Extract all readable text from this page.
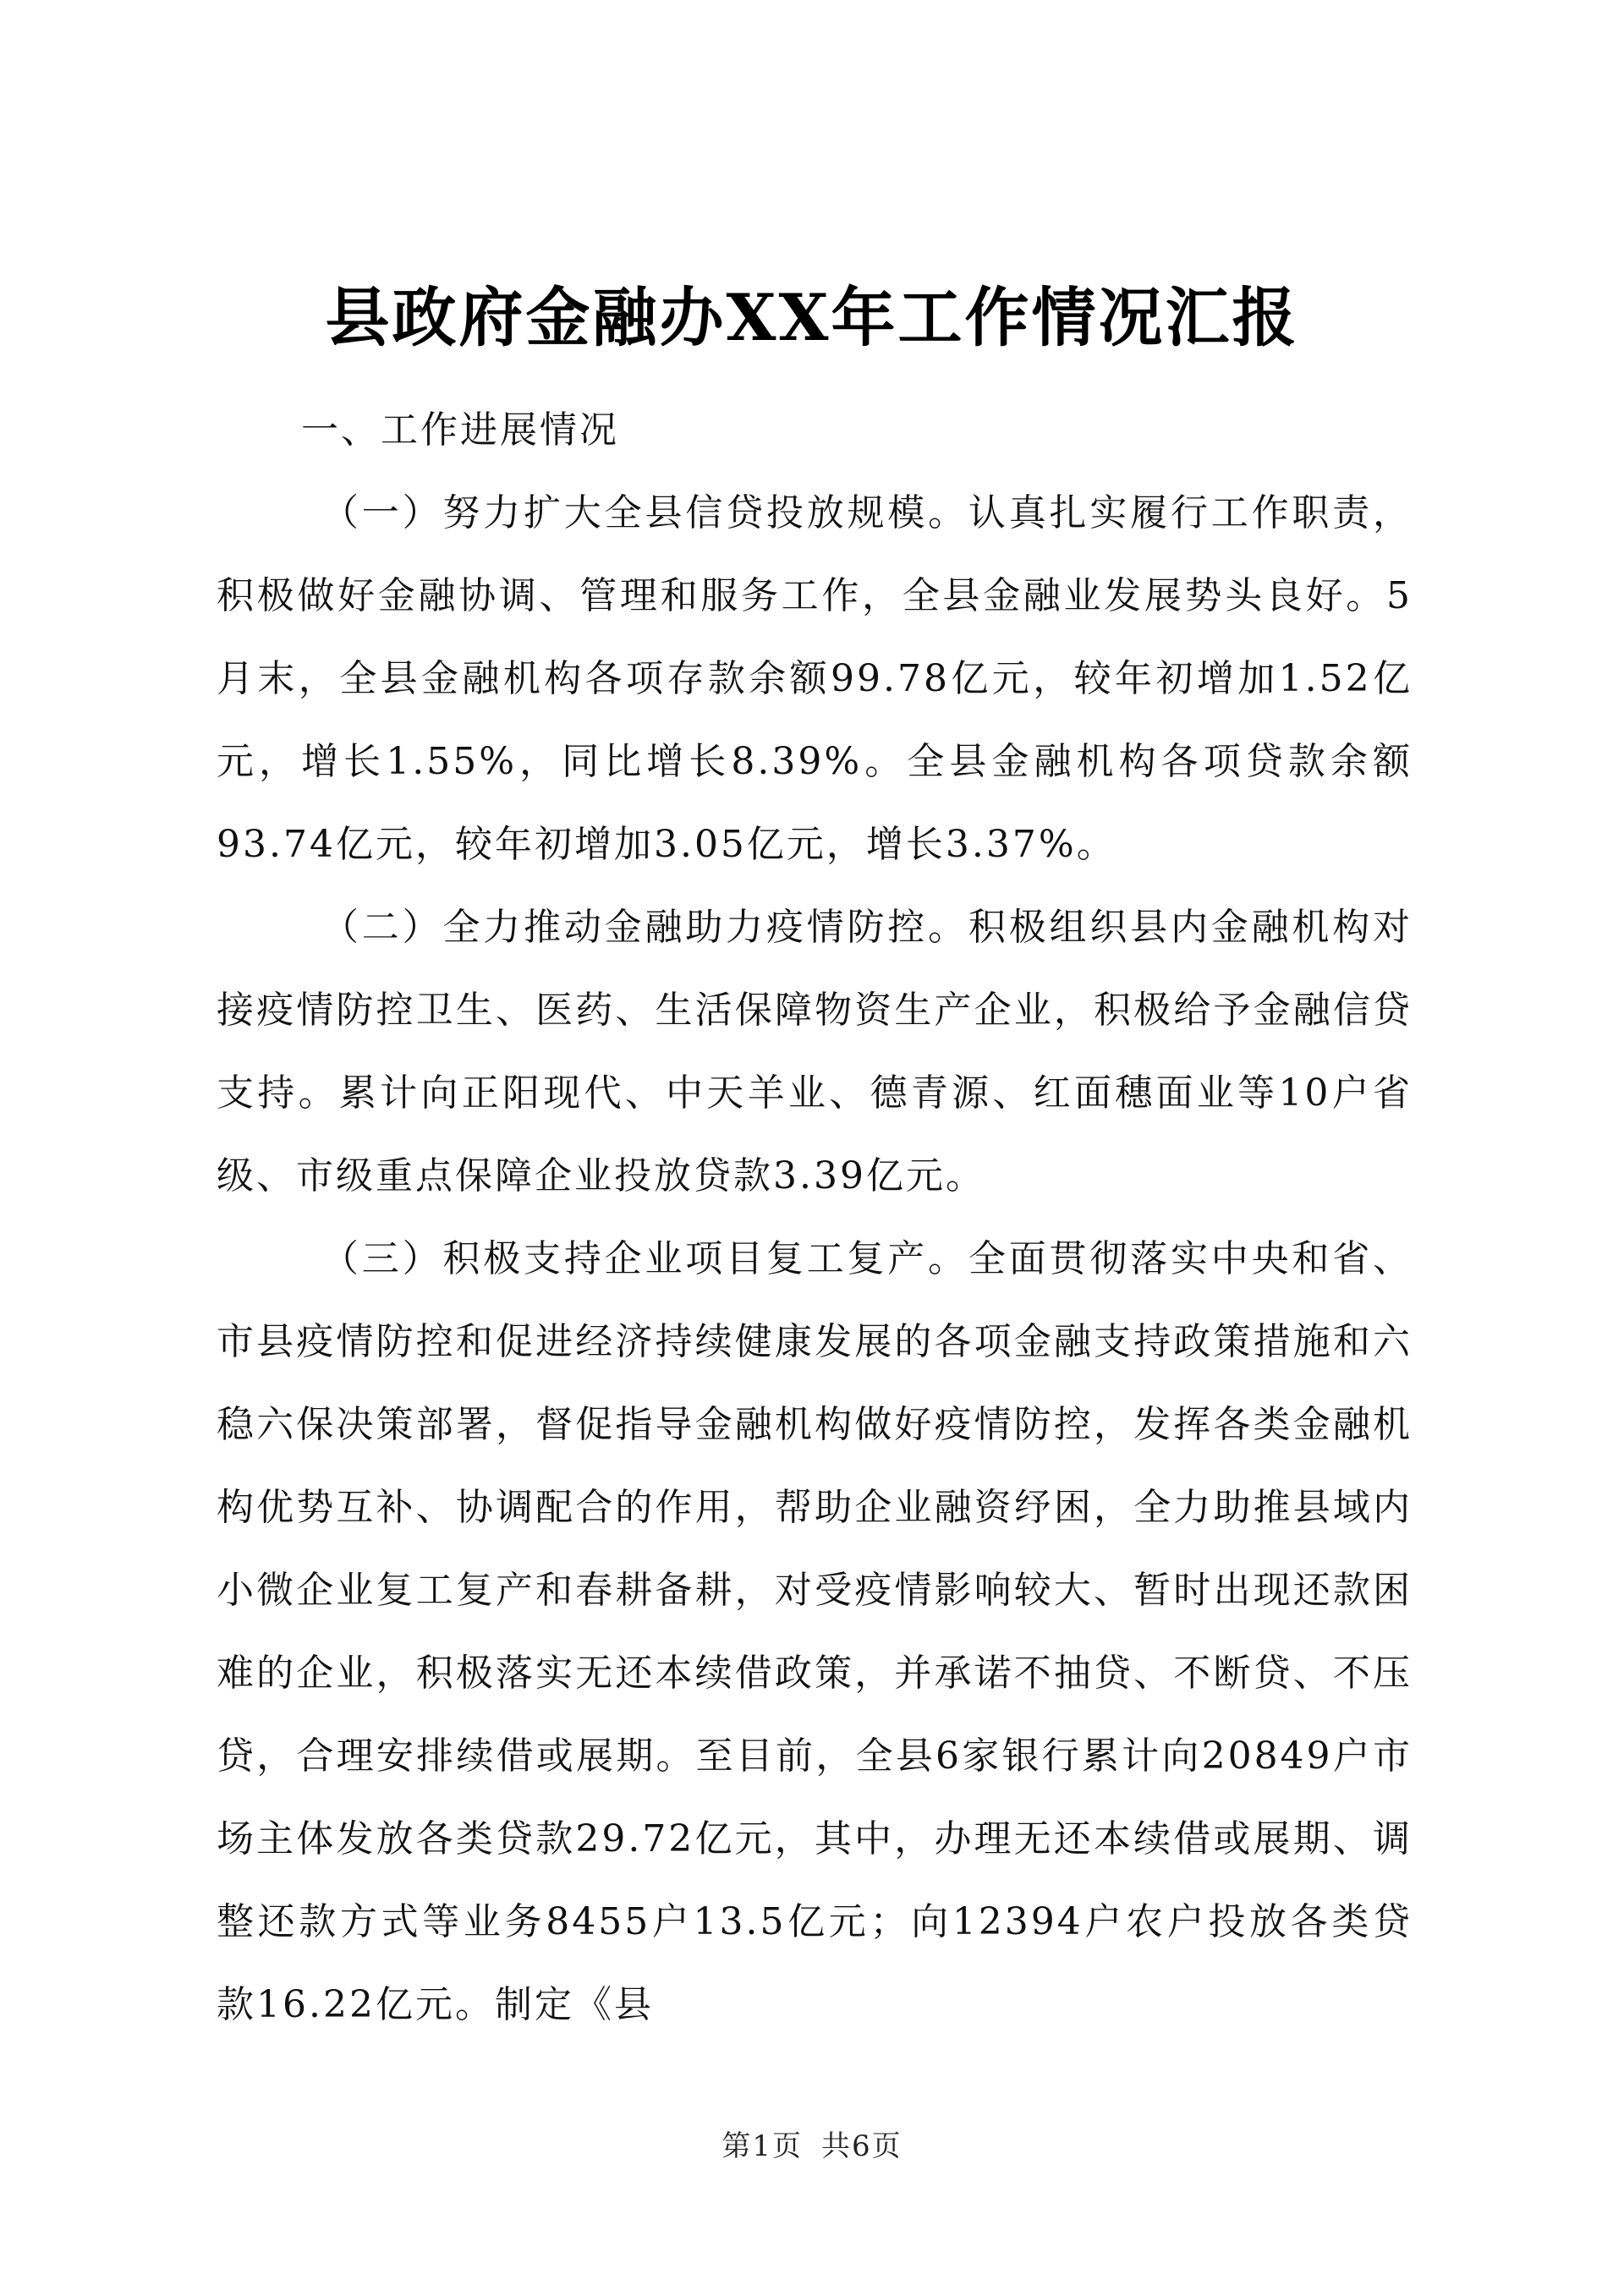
县政府金融办XX年工作情况汇报

一、工作进展情况

（一）努力扩大全县信贷投放规模。认真扎实履行工作职责，积极做好金融协调、管理和服务工作，全县金融业发展势头良好。5月末，全县金融机构各项存款余额99.78亿元，较年初增加1.52亿元，增长1.55%，同比增长8.39%。全县金融机构各项贷款余额93.74亿元，较年初增加3.05亿元，增长3.37%。

（二）全力推动金融助力疫情防控。积极组织县内金融机构对接疫情防控卫生、医药、生活保障物资生产企业，积极给予金融信贷支持。累计向正阳现代、中天羊业、德青源、红面穗面业等10户省级、市级重点保障企业投放贷款3.39亿元。

（三）积极支持企业项目复工复产。全面贯彻落实中央和省、市县疫情防控和促进经济持续健康发展的各项金融支持政策措施和六稳六保决策部署，督促指导金融机构做好疫情防控，发挥各类金融机构优势互补、协调配合的作用，帮助企业融资纾困，全力助推县域内小微企业复工复产和春耕备耕，对受疫情影响较大、暂时出现还款困难的企业，积极落实无还本续借政策，并承诺不抽贷、不断贷、不压贷，合理安排续借或展期。至目前，全县6家银行累计向20849户市场主体发放各类贷款29.72亿元，其中，办理无还本续借或展期、调整还款方式等业务8455户13.5亿元；向12394户农户投放各类贷款16.22亿元。制定《县

第1页 共6页
